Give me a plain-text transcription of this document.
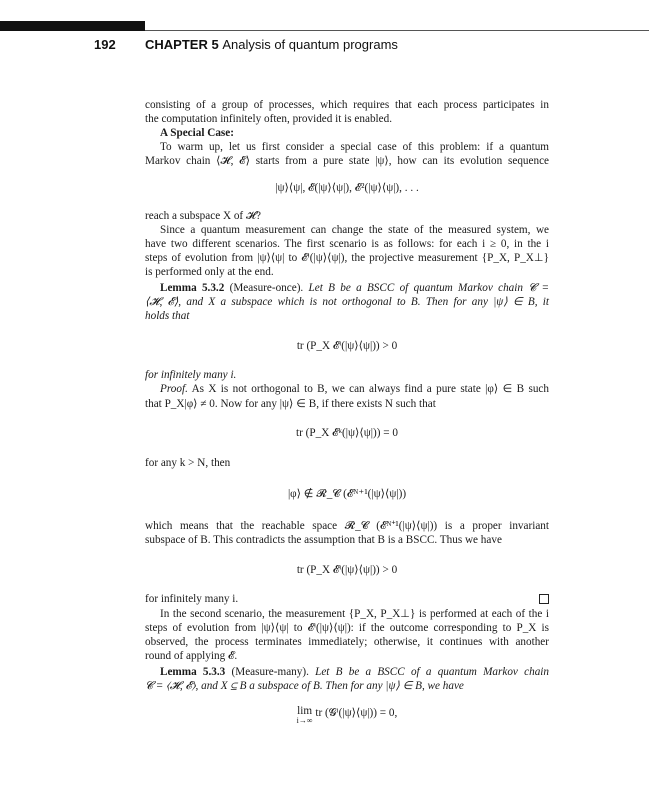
192 CHAPTER 5 Analysis of quantum programs
consisting of a group of processes, which requires that each process participates in
the computation infinitely often, provided it is enabled.
A Special Case:
To warm up, let us first consider a special case of this problem: if a quantum
Markov chain ⟨𝓗, 𝓔⟩ starts from a pure state |ψ⟩, how can its evolution sequence
|ψ⟩⟨ψ|, 𝓔(|ψ⟩⟨ψ|), 𝓔²(|ψ⟩⟨ψ|), . . .
reach a subspace X of 𝓗?
Since a quantum measurement can change the state of the measured system, we
have two different scenarios. The first scenario is as follows: for each i ≥ 0, in the i
steps of evolution from |ψ⟩⟨ψ| to 𝓔ⁱ(|ψ⟩⟨ψ|), the projective measurement {P_X, P_X⊥}
is performed only at the end.
Lemma 5.3.2 (Measure-once). Let B be a BSCC of quantum Markov chain 𝓒 =
⟨𝓗, 𝓔⟩, and X a subspace which is not orthogonal to B. Then for any |ψ⟩ ∈ B, it
holds that
tr (P_X 𝓔ⁱ(|ψ⟩⟨ψ|)) > 0
for infinitely many i.
Proof. As X is not orthogonal to B, we can always find a pure state |φ⟩ ∈ B such
that P_X|φ⟩ ≠ 0. Now for any |ψ⟩ ∈ B, if there exists N such that
tr (P_X 𝓔ᵏ(|ψ⟩⟨ψ|)) = 0
for any k > N, then
|φ⟩ ∉ 𝓡_𝓒 (𝓔ᴺ⁺¹(|ψ⟩⟨ψ|))
which means that the reachable space 𝓡_𝓒 (𝓔ᴺ⁺¹(|ψ⟩⟨ψ|)) is a proper invariant
subspace of B. This contradicts the assumption that B is a BSCC. Thus we have
tr (P_X 𝓔ⁱ(|ψ⟩⟨ψ|)) > 0
for infinitely many i.
In the second scenario, the measurement {P_X, P_X⊥} is performed at each of the i
steps of evolution from |ψ⟩⟨ψ| to 𝓔ⁱ(|ψ⟩⟨ψ|): if the outcome corresponding to P_X is
observed, the process terminates immediately; otherwise, it continues with another
round of applying 𝓔.
Lemma 5.3.3 (Measure-many). Let B be a BSCC of a quantum Markov chain
𝓒 = ⟨𝓗, 𝓔⟩, and X ⊆ B a subspace of B. Then for any |ψ⟩ ∈ B, we have
lim
i→∞
tr (𝓖ⁱ(|ψ⟩⟨ψ|)) = 0,
